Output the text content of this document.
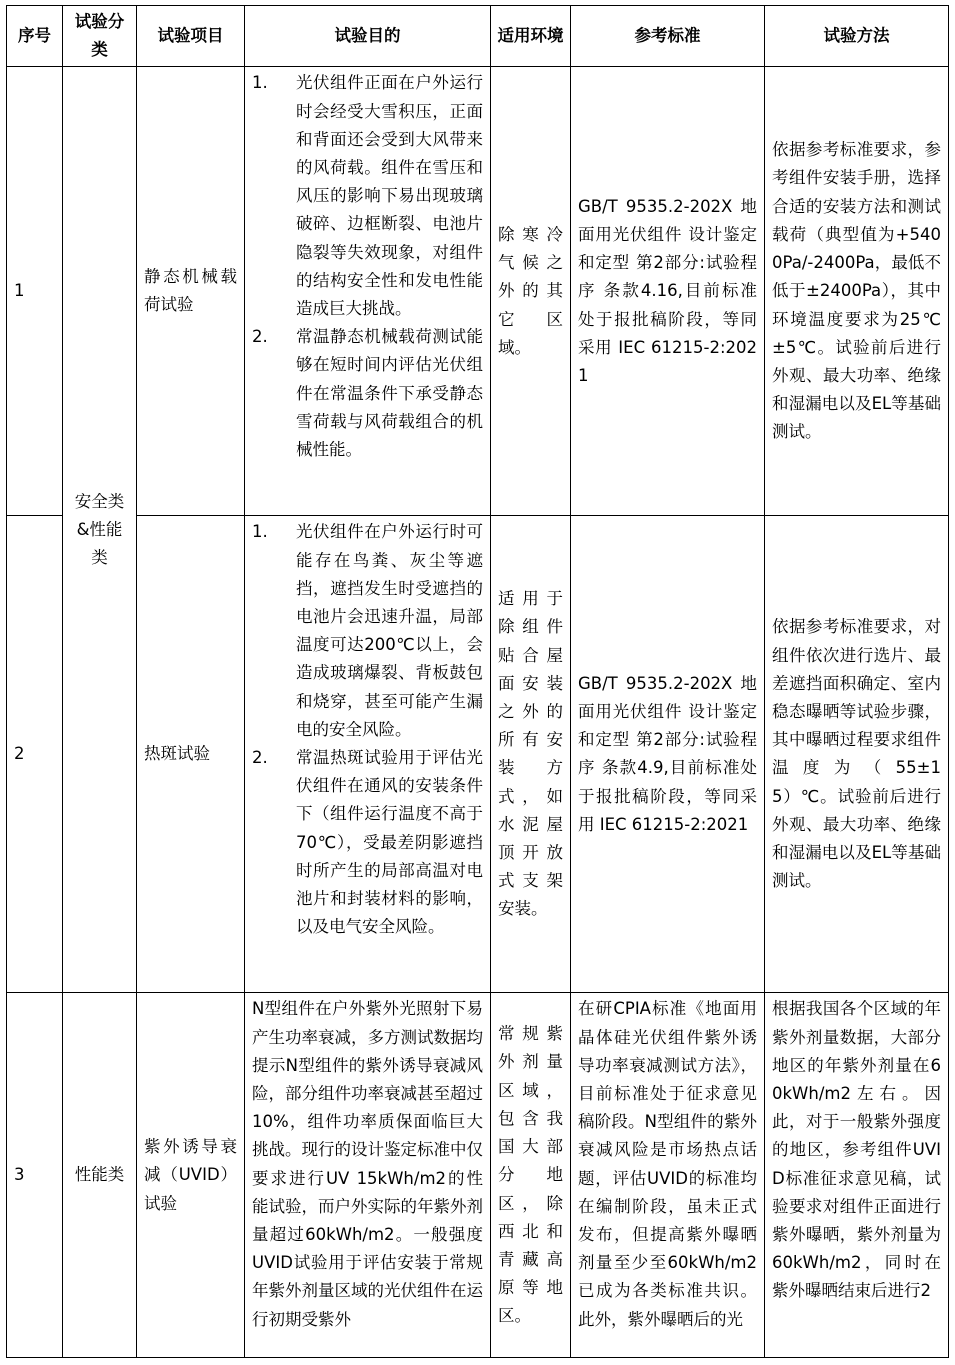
序号	试验分类	试验项目	试验目的	适用环境	参考标准	试验方法
1	安全类&性能类	静态机械载荷试验	1. 光伏组件正面在户外运行时会经受大雪积压，正面和背面还会受到大风带来的风荷载。组件在雪压和风压的影响下易出现玻璃破碎、边框断裂、电池片隐裂等失效现象，对组件的结构安全性和发电性能造成巨大挑战。
2. 常温静态机械载荷测试能够在短时间内评估光伏组件在常温条件下承受静态雪荷载与风荷载组合的机械性能。	除寒冷气候之外的其它区域。	GB/T 9535.2-202X 地面用光伏组件 设计鉴定和定型 第2部分:试验程序 条款4.16,目前标准处于报批稿阶段，等同采用 IEC 61215-2:2021	依据参考标准要求，参考组件安装手册，选择合适的安装方法和测试载荷（典型值为+5400Pa/-2400Pa，最低不低于±2400Pa），其中环境温度要求为25℃±5℃。试验前后进行外观、最大功率、绝缘和湿漏电以及EL等基础测试。
2		热斑试验	1. 光伏组件在户外运行时可能存在鸟粪、灰尘等遮挡，遮挡发生时受遮挡的电池片会迅速升温，局部温度可达200℃以上，会造成玻璃爆裂、背板鼓包和烧穿，甚至可能产生漏电的安全风险。
2. 常温热斑试验用于评估光伏组件在通风的安装条件下（组件运行温度不高于70℃），受最差阴影遮挡时所产生的局部高温对电池片和封装材料的影响，以及电气安全风险。	适用于除组件贴合屋面安装之外的所有安装方式，如水泥屋顶开放式支架安装。	GB/T 9535.2-202X 地面用光伏组件 设计鉴定和定型 第2部分:试验程序 条款4.9,目前标准处于报批稿阶段，等同采用 IEC 61215-2:2021	依据参考标准要求，对组件依次进行选片、最差遮挡面积确定、室内稳态曝晒等试验步骤，其中曝晒过程要求组件温度为（55±15）℃。试验前后进行外观、最大功率、绝缘和湿漏电以及EL等基础测试。
3	性能类	紫外诱导衰减（UVID）试验	N型组件在户外紫外光照射下易产生功率衰减，多方测试数据均提示N型组件的紫外诱导衰减风险，部分组件功率衰减甚至超过10%，组件功率质保面临巨大挑战。现行的设计鉴定标准中仅要求进行UV 15kWh/m2的性能试验，而户外实际的年紫外剂量超过60kWh/m2。一般强度UVID试验用于评估安装于常规年紫外剂量区域的光伏组件在运行初期受紫外	常规紫外剂量区域，包含我国大部分地区，除西北和青藏高原等地区。	在研CPIA标准《地面用晶体硅光伏组件紫外诱导功率衰减测试方法》，目前标准处于征求意见稿阶段。N型组件的紫外衰减风险是市场热点话题，评估UVID的标准均在编制阶段，虽未正式发布，但提高紫外曝晒剂量至少至60kWh/m2已成为各类标准共识。此外，紫外曝晒后的光	根据我国各个区域的年紫外剂量数据，大部分地区的年紫外剂量在60kWh/m2左右。因此，对于一般紫外强度的地区，参考组件UVID标准征求意见稿，试验要求对组件正面进行紫外曝晒，紫外剂量为60kWh/m2，同时在紫外曝晒结束后进行2
